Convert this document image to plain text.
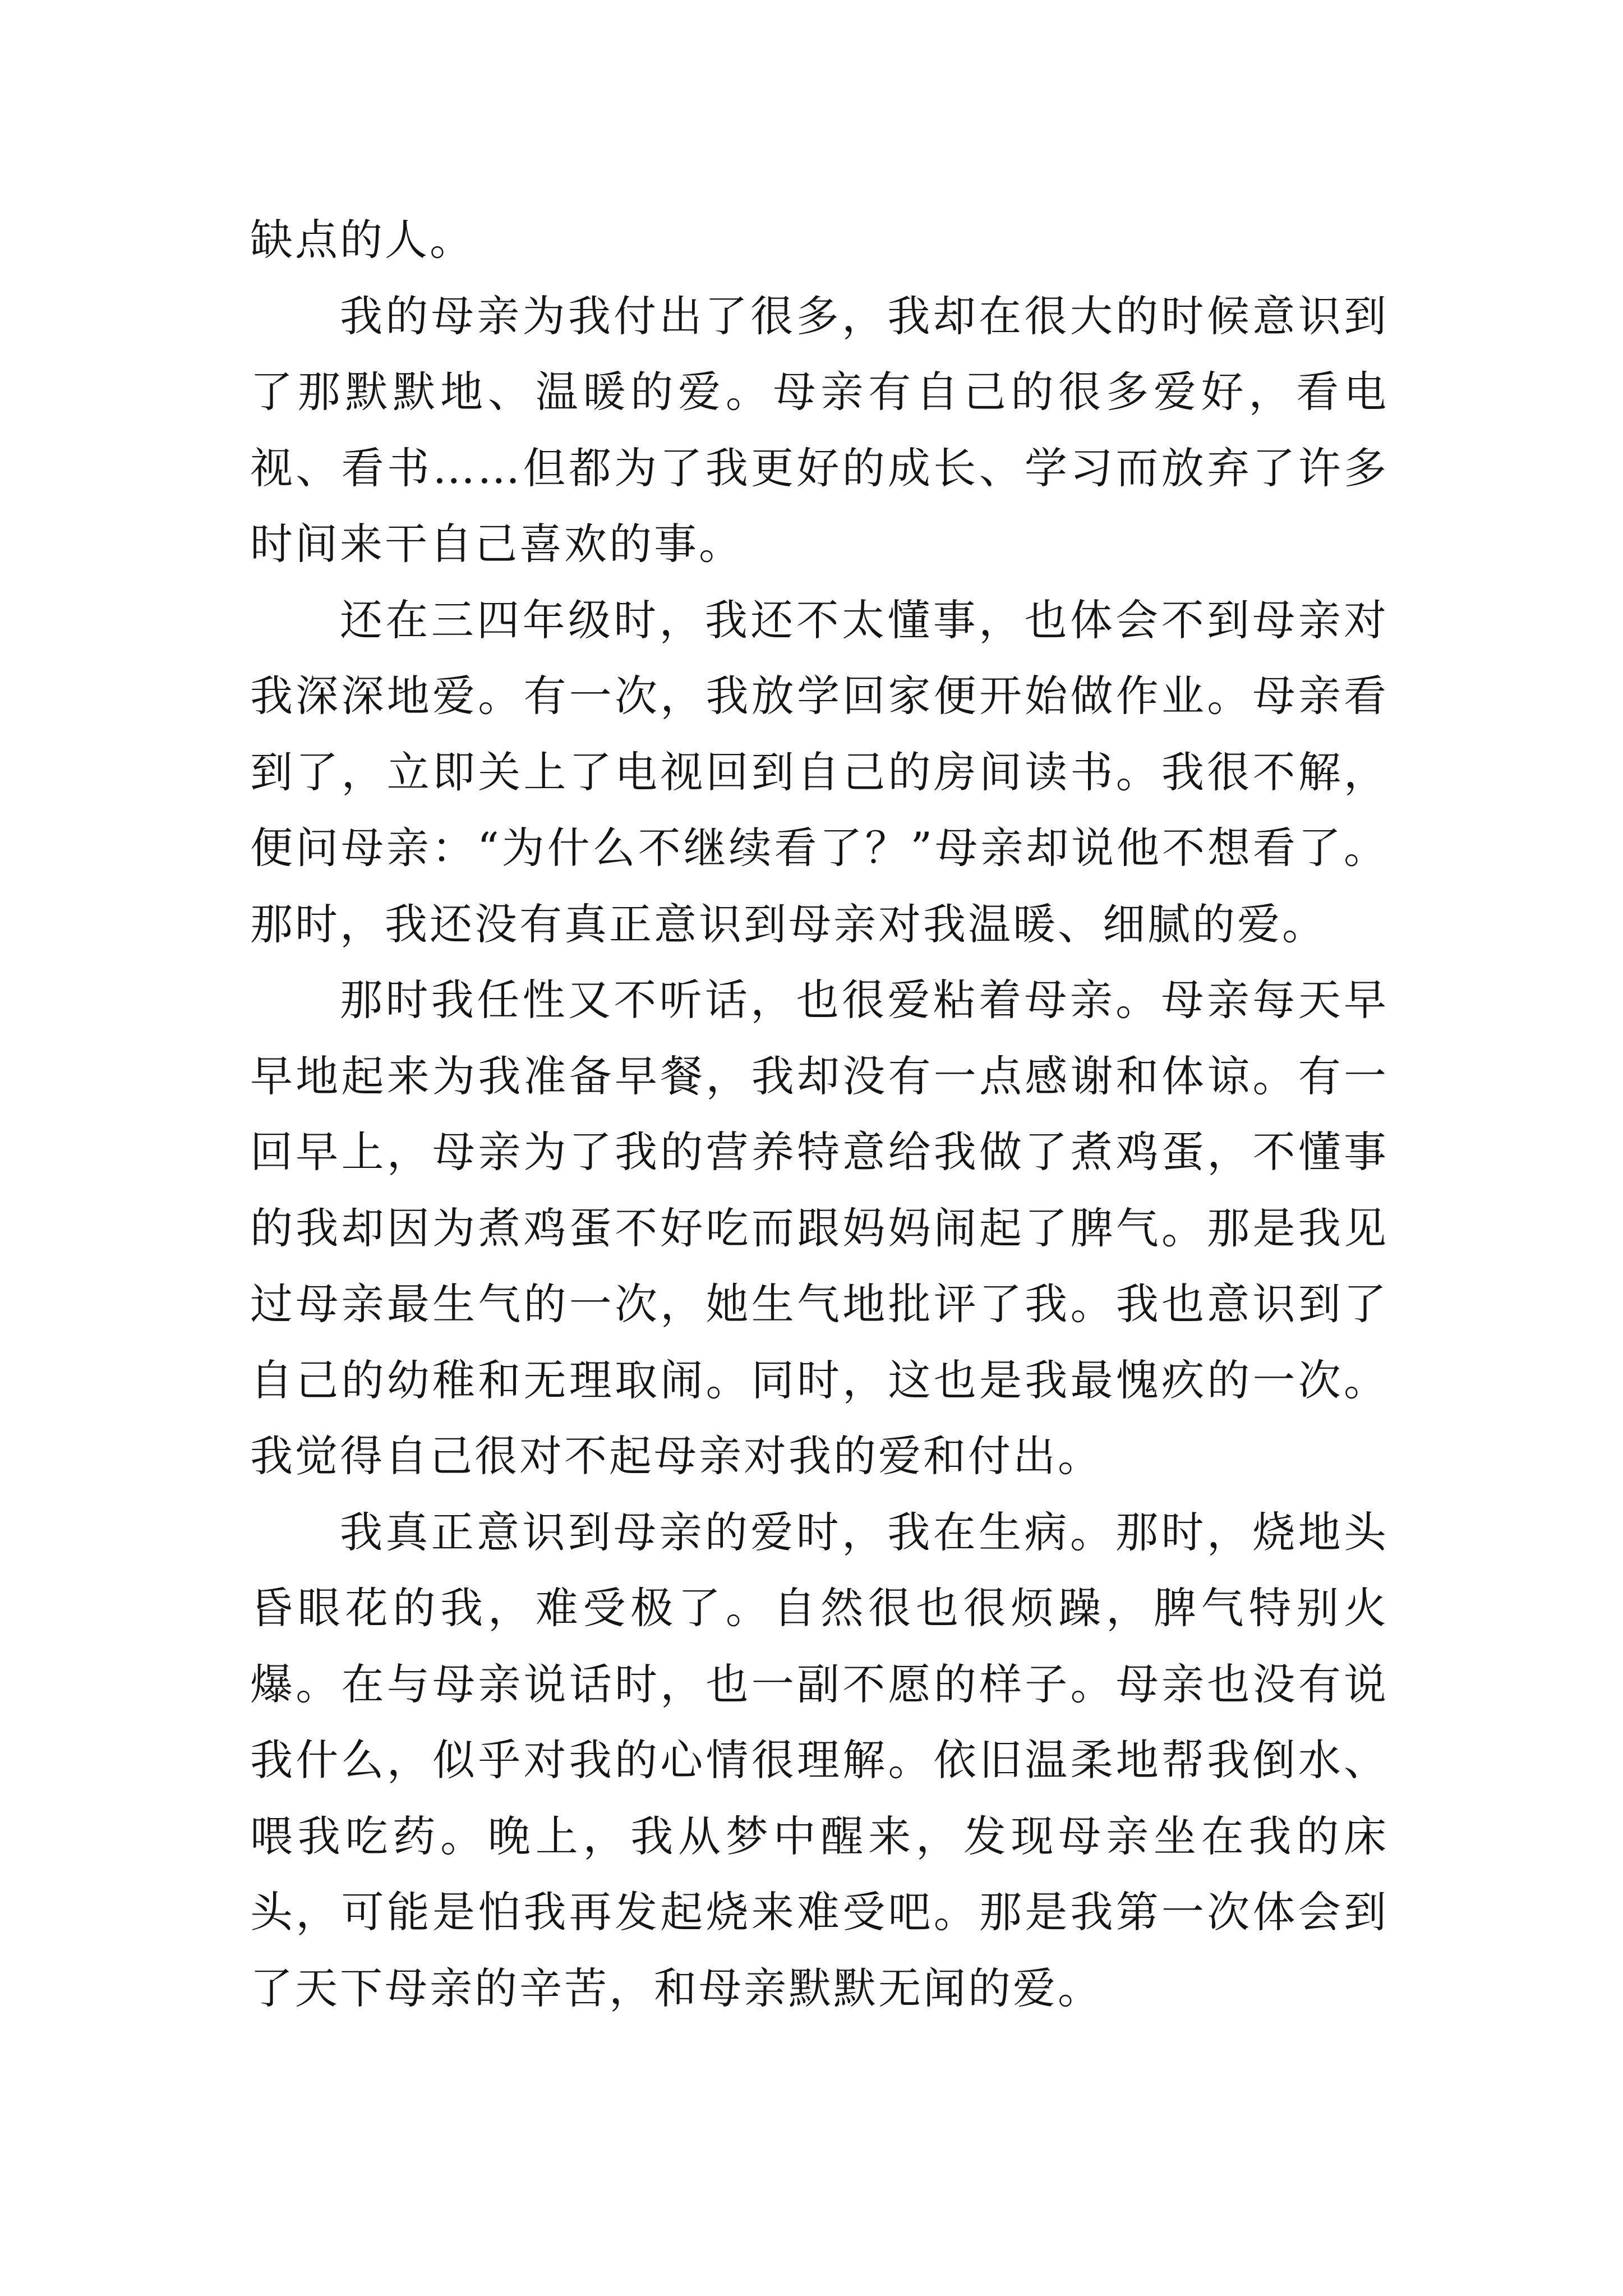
缺点的人。

我的母亲为我付出了很多，我却在很大的时候意识到了那默默地、温暖的爱。母亲有自己的很多爱好，看电视、看书……但都为了我更好的成长、学习而放弃了许多时间来干自己喜欢的事。

还在三四年级时，我还不太懂事，也体会不到母亲对我深深地爱。有一次，我放学回家便开始做作业。母亲看到了，立即关上了电视回到自己的房间读书。我很不解，便问母亲：“为什么不继续看了？”母亲却说他不想看了。那时，我还没有真正意识到母亲对我温暖、细腻的爱。

那时我任性又不听话，也很爱粘着母亲。母亲每天早早地起来为我准备早餐，我却没有一点感谢和体谅。有一回早上，母亲为了我的营养特意给我做了煮鸡蛋，不懂事的我却因为煮鸡蛋不好吃而跟妈妈闹起了脾气。那是我见过母亲最生气的一次，她生气地批评了我。我也意识到了自己的幼稚和无理取闹。同时，这也是我最愧疚的一次。我觉得自己很对不起母亲对我的爱和付出。

我真正意识到母亲的爱时，我在生病。那时，烧地头昏眼花的我，难受极了。自然很也很烦躁，脾气特别火爆。在与母亲说话时，也一副不愿的样子。母亲也没有说我什么，似乎对我的心情很理解。依旧温柔地帮我倒水、喂我吃药。晚上，我从梦中醒来，发现母亲坐在我的床头，可能是怕我再发起烧来难受吧。那是我第一次体会到了天下母亲的辛苦，和母亲默默无闻的爱。
